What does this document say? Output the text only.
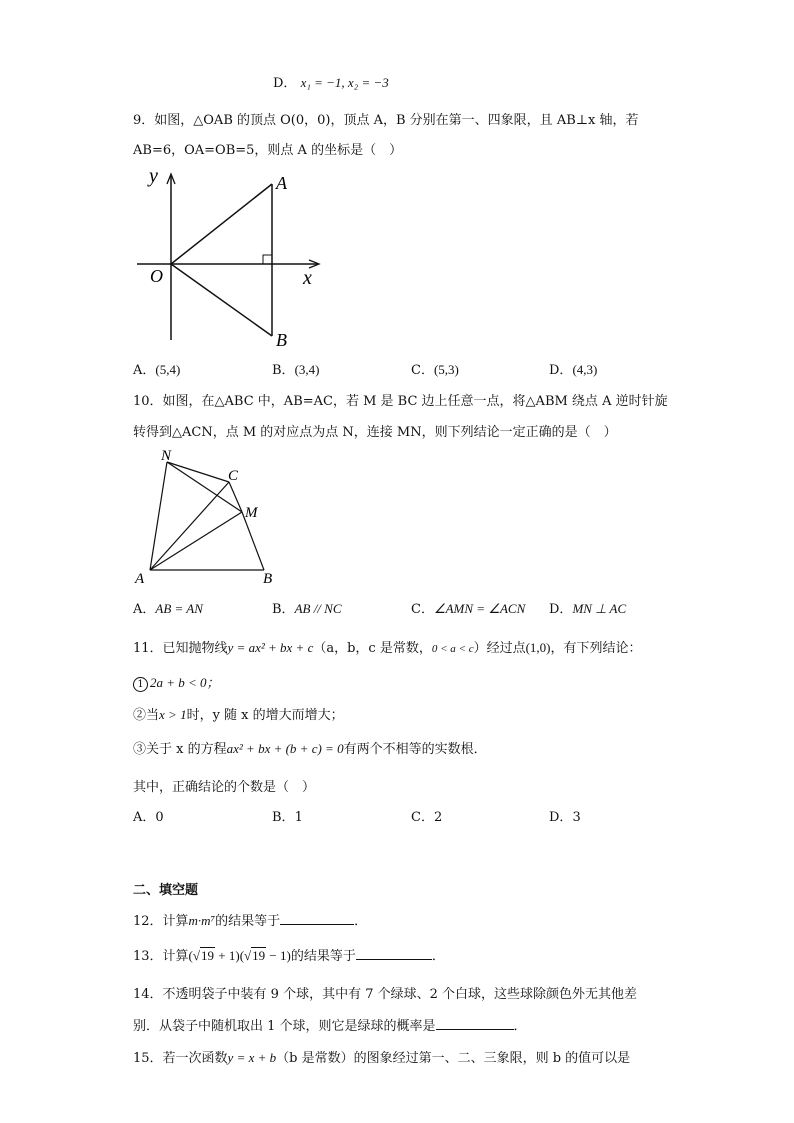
D． x₁ = −1, x₂ = −3
9．如图，△OAB 的顶点 O(0，0)，顶点 A，B 分别在第一、四象限，且 AB⊥x 轴，若
AB=6，OA=OB=5，则点 A 的坐标是（　）
y
x
O
A
B
A．(5,4)	B．(3,4)	C．(5,3)	D．(4,3)
10．如图，在△ABC 中，AB=AC，若 M 是 BC 边上任意一点，将△ABM 绕点 A 逆时针旋
转得到△ACN，点 M 的对应点为点 N，连接 MN，则下列结论一定正确的是（　）
N
C
M
A	B
A．AB = AN	B．AB // NC	C．∠AMN = ∠ACN D．MN ⊥ AC
11．已知抛物线y = ax² + bx + c（a，b，c 是常数，0 < a < c）经过点(1,0)，有下列结论：
1 2a + b < 0；
②当x > 1时，y 随 x 的增大而增大；
③关于 x 的方程ax² + bx + (b + c) = 0有两个不相等的实数根．
其中，正确结论的个数是（　）
A．0	B．1	C．2	D．3
二、填空题
12．计算m·m⁷的结果等于	．
13．计算(√19 + 1)(√19 − 1)的结果等于	．
14．不透明袋子中装有 9 个球，其中有 7 个绿球、2 个白球，这些球除颜色外无其他差
别．从袋子中随机取出 1 个球，则它是绿球的概率是	．
15．若一次函数y = x + b（b 是常数）的图象经过第一、二、三象限，则 b 的值可以是
